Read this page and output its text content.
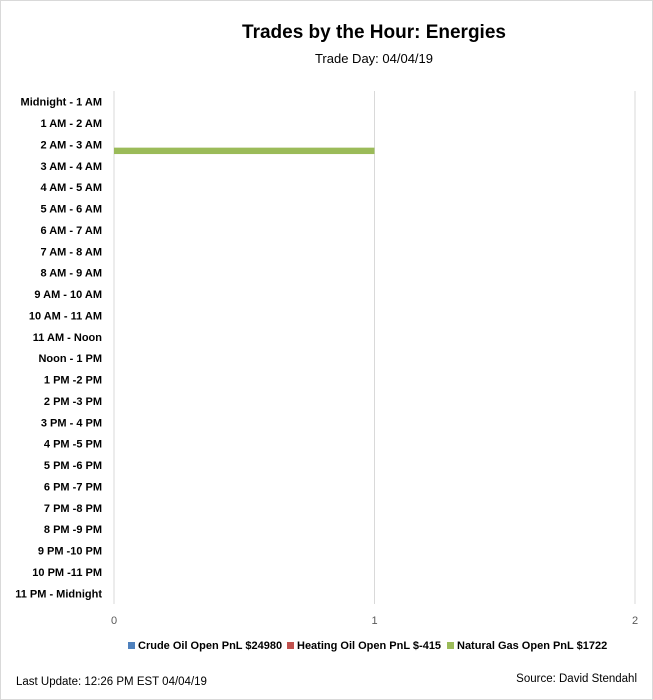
Trades by the Hour: Energies
Trade Day: 04/04/19
0	1	2
Midnight - 1 AM
1 AM - 2 AM
2 AM - 3 AM
3 AM - 4 AM
4 AM - 5 AM
5 AM - 6 AM
6 AM - 7 AM
7 AM - 8 AM
8 AM - 9 AM
9 AM - 10 AM
10 AM - 11 AM
11 AM - Noon
Noon - 1 PM
1 PM -2 PM
2 PM -3 PM
3 PM - 4 PM
4 PM -5 PM
5 PM -6 PM
6 PM -7 PM
7 PM -8 PM
8 PM -9 PM
9 PM -10 PM
10 PM -11 PM
11 PM - Midnight
Crude Oil Open PnL $24980 Heating Oil Open PnL $-415 Natural Gas Open PnL $1722
Last Update: 12:26 PM EST 04/04/19	Source: David Stendahl
